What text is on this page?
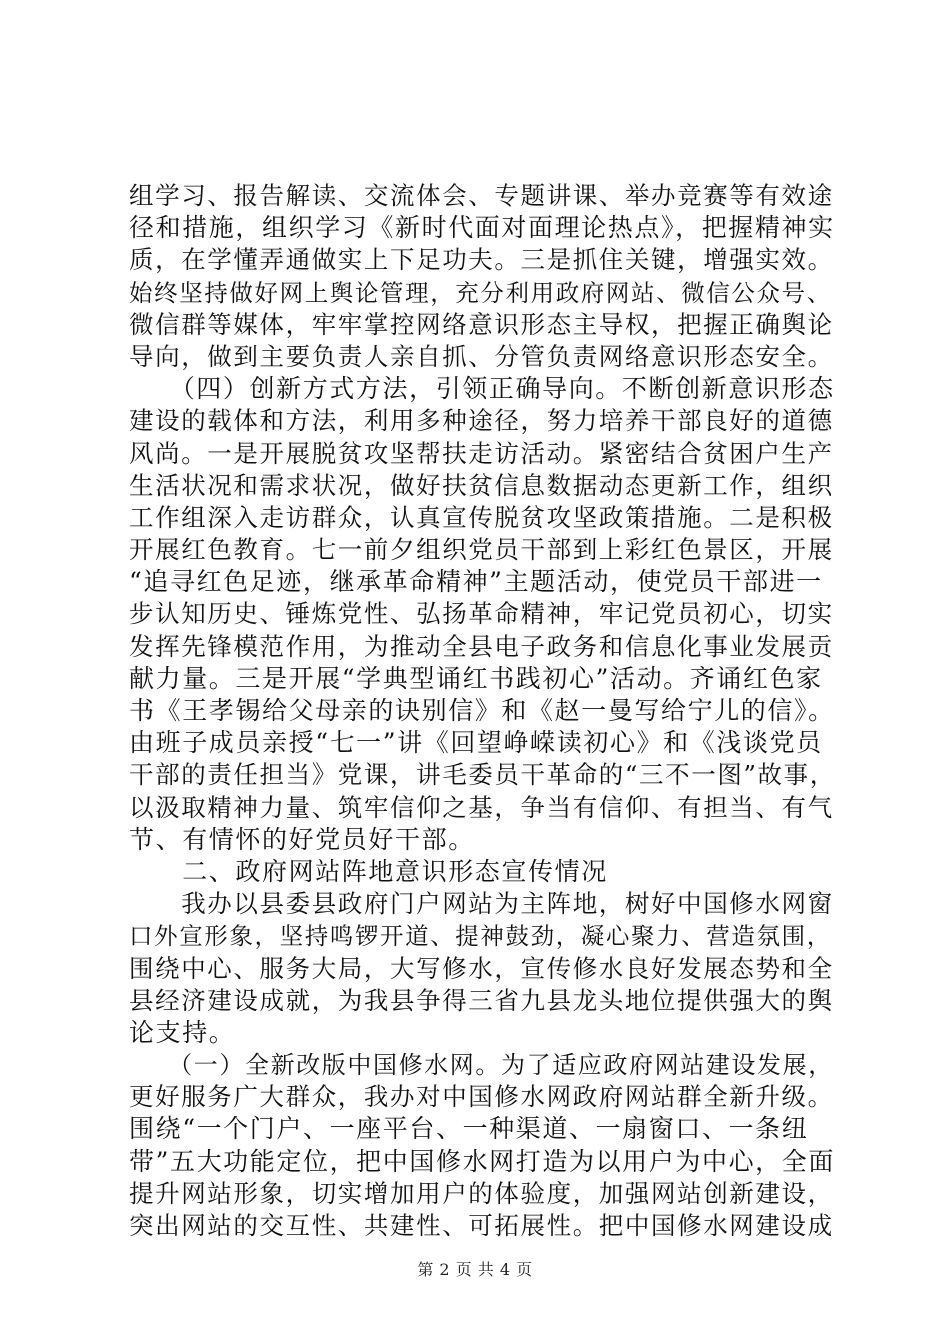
组学习、报告解读、交流体会、专题讲课、举办竞赛等有效途
径和措施，组织学习《新时代面对面理论热点》，把握精神实
质，在学懂弄通做实上下足功夫。三是抓住关键，增强实效。
始终坚持做好网上舆论管理，充分利用政府网站、微信公众号、
微信群等媒体，牢牢掌控网络意识形态主导权，把握正确舆论
导向，做到主要负责人亲自抓、分管负责网络意识形态安全。
　　（四）创新方式方法，引领正确导向。不断创新意识形态
建设的载体和方法，利用多种途径，努力培养干部良好的道德
风尚。一是开展脱贫攻坚帮扶走访活动。紧密结合贫困户生产
生活状况和需求状况，做好扶贫信息数据动态更新工作，组织
工作组深入走访群众，认真宣传脱贫攻坚政策措施。二是积极
开展红色教育。七一前夕组织党员干部到上彩红色景区，开展
“追寻红色足迹，继承革命精神”主题活动，使党员干部进一
步认知历史、锤炼党性、弘扬革命精神，牢记党员初心，切实
发挥先锋模范作用，为推动全县电子政务和信息化事业发展贡
献力量。三是开展“学典型诵红书践初心”活动。齐诵红色家
书《王孝锡给父母亲的诀别信》和《赵一曼写给宁儿的信》。
由班子成员亲授“七一”讲《回望峥嵘读初心》和《浅谈党员
干部的责任担当》党课，讲毛委员干革命的“三不一图”故事，
以汲取精神力量、筑牢信仰之基，争当有信仰、有担当、有气
节、有情怀的好党员好干部。
　　二、政府网站阵地意识形态宣传情况
　　我办以县委县政府门户网站为主阵地，树好中国修水网窗
口外宣形象，坚持鸣锣开道、提神鼓劲，凝心聚力、营造氛围，
围绕中心、服务大局，大写修水，宣传修水良好发展态势和全
县经济建设成就，为我县争得三省九县龙头地位提供强大的舆
论支持。
　　（一）全新改版中国修水网。为了适应政府网站建设发展，
更好服务广大群众，我办对中国修水网政府网站群全新升级。
围绕“一个门户、一座平台、一种渠道、一扇窗口、一条纽
带”五大功能定位，把中国修水网打造为以用户为中心，全面
提升网站形象，切实增加用户的体验度，加强网站创新建设，
突出网站的交互性、共建性、可拓展性。把中国修水网建设成
第 2 页 共 4 页
